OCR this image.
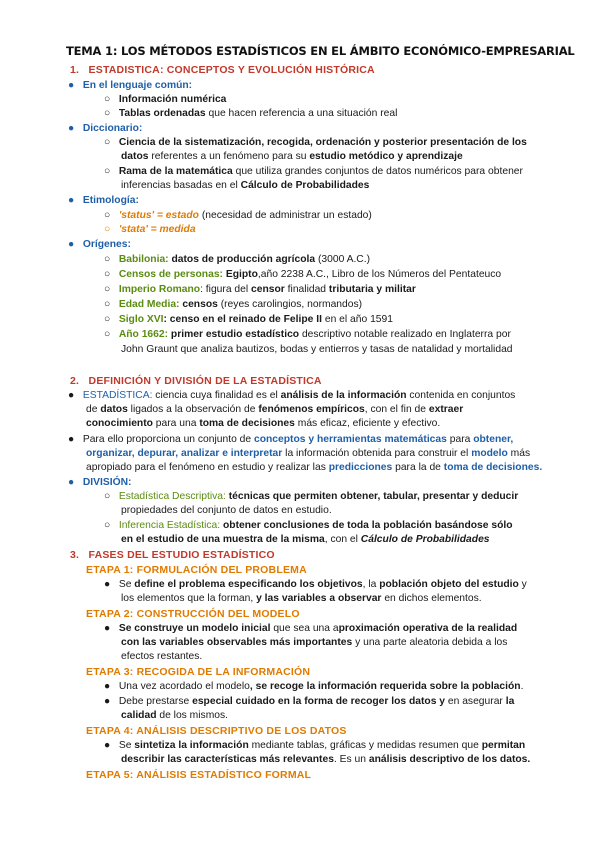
TEMA 1: LOS MÉTODOS ESTADÍSTICOS EN EL ÁMBITO ECONÓMICO-EMPRESARIAL
1. ESTADISTICA: CONCEPTOS Y EVOLUCIÓN HISTÓRICA
● En el lenguaje común:
○ Información numérica
○ Tablas ordenadas que hacen referencia a una situación real
● Diccionario:
○ Ciencia de la sistematización, recogida, ordenación y posterior presentación de los
datos referentes a un fenómeno para su estudio metódico y aprendizaje
○ Rama de la matemática que utiliza grandes conjuntos de datos numéricos para obtener
inferencias basadas en el Cálculo de Probabilidades
● Etimología:
○ 'status' = estado (necesidad de administrar un estado)
○ 'stata' = medida
● Orígenes:
○ Babilonia: datos de producción agrícola (3000 A.C.)
○ Censos de personas: Egipto,año 2238 A.C., Libro de los Números del Pentateuco
○ Imperio Romano: figura del censor finalidad tributaria y militar
○ Edad Media: censos (reyes carolingios, normandos)
○ Siglo XVI: censo en el reinado de Felipe II en el año 1591
○ Año 1662: primer estudio estadístico descriptivo notable realizado en Inglaterra por
John Graunt que analiza bautizos, bodas y entierros y tasas de natalidad y mortalidad
2. DEFINICIÓN Y DIVISIÓN DE LA ESTADÍSTICA
● ESTADÍSTICA: ciencia cuya finalidad es el análisis de la información contenida en conjuntos
de datos ligados a la observación de fenómenos empíricos, con el fin de extraer
conocimiento para una toma de decisiones más eficaz, eficiente y efectivo.
● Para ello proporciona un conjunto de conceptos y herramientas matemáticas para obtener,
organizar, depurar, analizar e interpretar la información obtenida para construir el modelo más
apropiado para el fenómeno en estudio y realizar las predicciones para la de toma de decisiones.
● DIVISIÓN:
○ Estadística Descriptiva: técnicas que permiten obtener, tabular, presentar y deducir
propiedades del conjunto de datos en estudio.
○ Inferencia Estadística: obtener conclusiones de toda la población basándose sólo
en el estudio de una muestra de la misma, con el Cálculo de Probabilidades
3. FASES DEL ESTUDIO ESTADÍSTICO
ETAPA 1: FORMULACIÓN DEL PROBLEMA
● Se define el problema especificando los objetivos, la población objeto del estudio y
los elementos que la forman, y las variables a observar en dichos elementos.
ETAPA 2: CONSTRUCCIÓN DEL MODELO
● Se construye un modelo inicial que sea una aproximación operativa de la realidad
con las variables observables más importantes y una parte aleatoria debida a los
efectos restantes.
ETAPA 3: RECOGIDA DE LA INFORMACIÓN
● Una vez acordado el modelo, se recoge la información requerida sobre la población.
● Debe prestarse especial cuidado en la forma de recoger los datos y en asegurar la
calidad de los mismos.
ETAPA 4: ANÁLISIS DESCRIPTIVO DE LOS DATOS
● Se sintetiza la información mediante tablas, gráficas y medidas resumen que permitan
describir las características más relevantes. Es un análisis descriptivo de los datos.
ETAPA 5: ANÁLISIS ESTADÍSTICO FORMAL
